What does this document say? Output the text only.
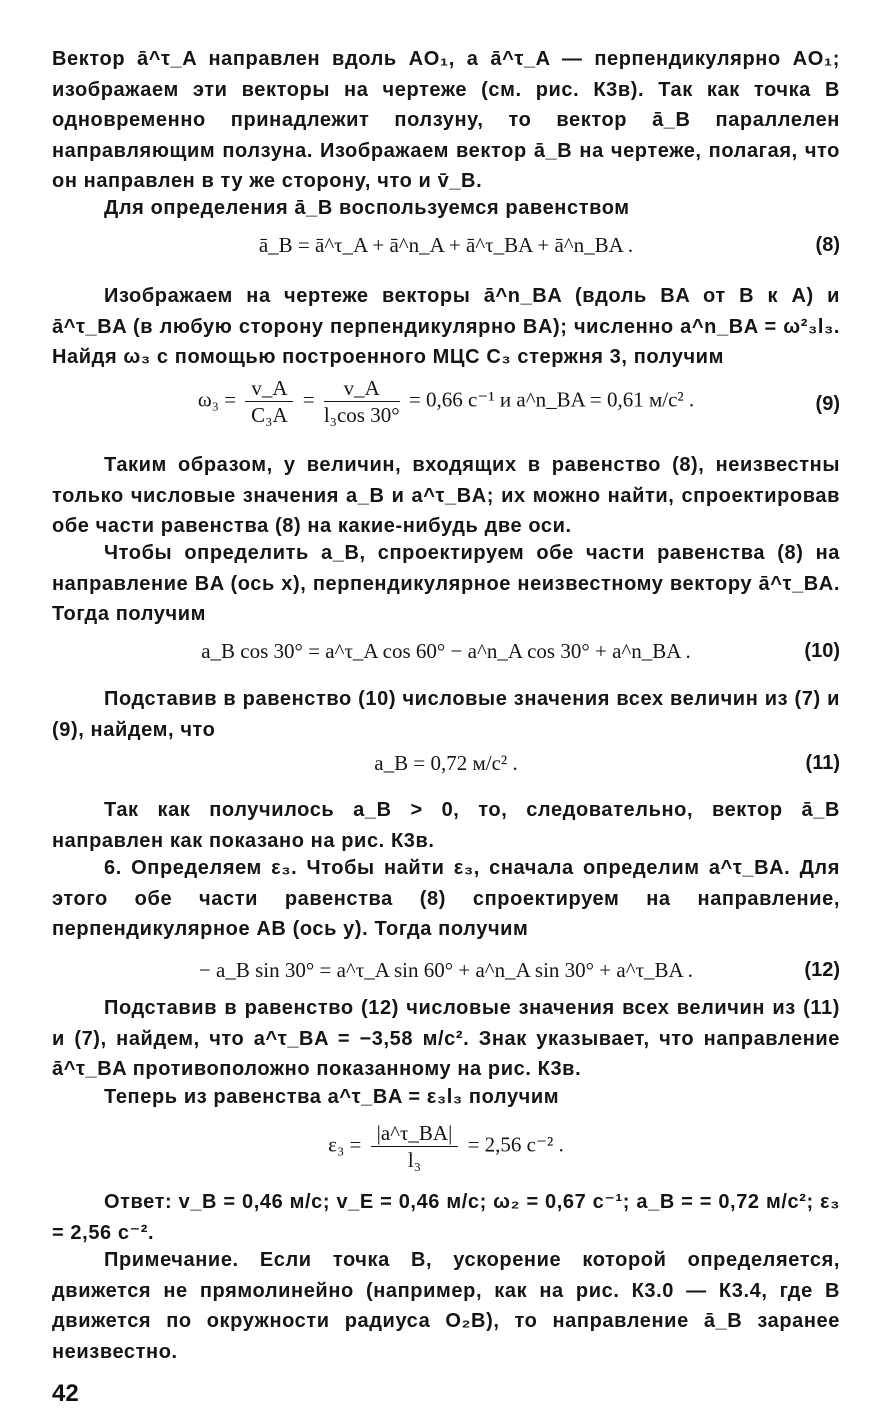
Вектор ā^τ_A направлен вдоль AO₁, а ā^τ_A — перпендикулярно AO₁; изображаем эти векторы на чертеже (см. рис. К3в). Так как точка B одновременно принадлежит ползуну, то вектор ā_B параллелен направляющим ползуна. Изображаем вектор ā_B на чертеже, полагая, что он направлен в ту же сторону, что и v̄_B.

Для определения ā_B воспользуемся равенством

ā_B = ā^τ_A + ā^n_A + ā^τ_BA + ā^n_BA .	(8)

Изображаем на чертеже векторы ā^n_BA (вдоль BA от B к A) и ā^τ_BA (в любую сторону перпендикулярно BA); численно a^n_BA = ω²₃l₃. Найдя ω₃ с помощью построенного МЦС C₃ стержня 3, получим

$\omega_3 = \frac{v\_A}{\text{C₃A}} = \frac{v\_A}{\text{l₃cos 30°}} = 0,66$ с⁻¹ и a^n_BA = 0,61 м/с² .	(9)

Таким образом, у величин, входящих в равенство (8), неизвестны только числовые значения a_B и a^τ_BA; их можно найти, спроектировав обе части равенства (8) на какие-нибудь две оси.

Чтобы определить a_B, спроектируем обе части равенства (8) на направление BA (ось x), перпендикулярное неизвестному вектору ā^τ_BA. Тогда получим

a_B cos 30° = a^τ_A cos 60° − a^n_A cos 30° + a^n_BA .	(10)

Подставив в равенство (10) числовые значения всех величин из (7) и (9), найдем, что

a_B = 0,72 м/с² .	(11)

Так как получилось a_B > 0, то, следовательно, вектор ā_B направлен как показано на рис. К3в.

6. Определяем ε₃. Чтобы найти ε₃, сначала определим a^τ_BA. Для этого обе части равенства (8) спроектируем на направление, перпендикулярное AB (ось y). Тогда получим

− a_B sin 30° = a^τ_A sin 60° + a^n_A sin 30° + a^τ_BA .	(12)

Подставив в равенство (12) числовые значения всех величин из (11) и (7), найдем, что a^τ_BA = −3,58 м/с². Знак указывает, что направление ā^τ_BA противоположно показанному на рис. К3в.

Теперь из равенства a^τ_BA = ε₃l₃ получим

$\varepsilon_3 = \frac{|a\^{}\tau\_BA|}{\text{l₃}} = 2,56$ с⁻² .

Ответ: v_B = 0,46 м/с; v_E = 0,46 м/с; ω₂ = 0,67 с⁻¹; a_B = = 0,72 м/с²; ε₃ = 2,56 с⁻².

Примечание. Если точка B, ускорение которой определяется, движется не прямолинейно (например, как на рис. К3.0 — К3.4, где B движется по окружности радиуса O₂B), то направление ā_B заранее неизвестно.

42
